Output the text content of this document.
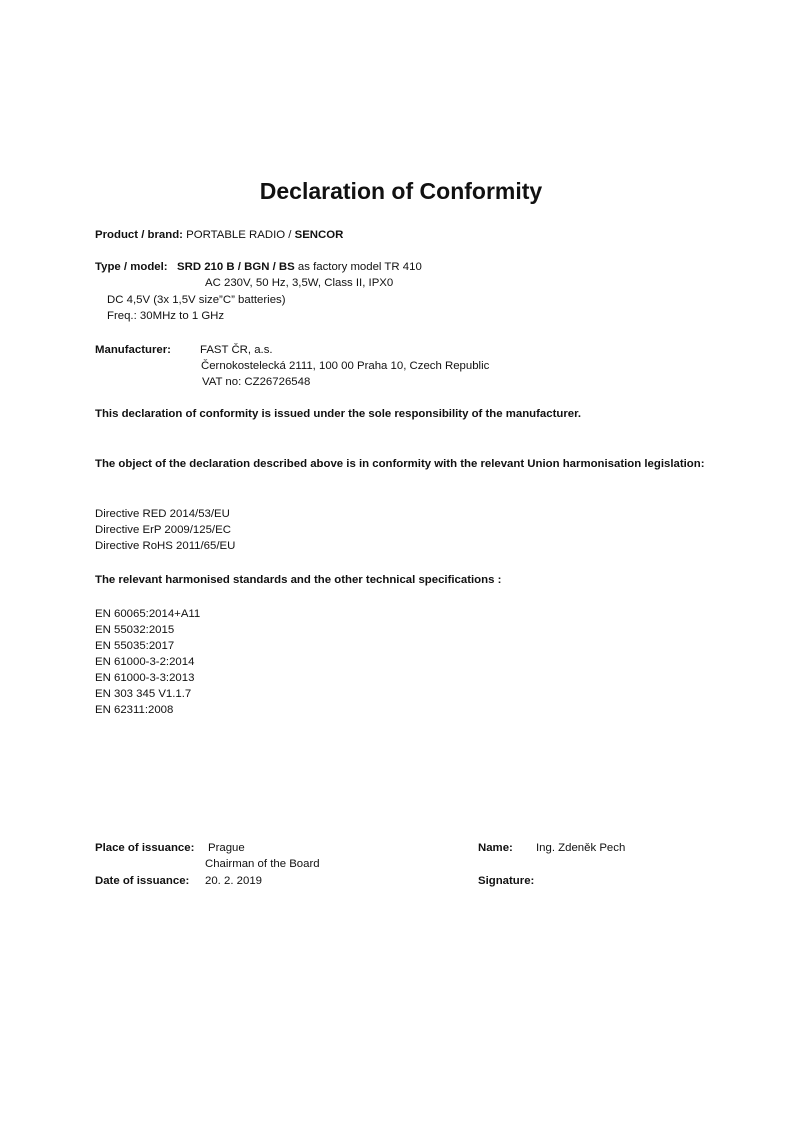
Declaration of Conformity
Product / brand: PORTABLE RADIO / SENCOR
Type / model: SRD 210 B / BGN / BS as factory model TR 410
AC 230V, 50 Hz, 3,5W, Class II, IPX0
DC 4,5V (3x 1,5V size”C” batteries)
Freq.: 30MHz to 1 GHz
Manufacturer:	FAST ČR, a.s.
Černokostelecká 2111, 100 00 Praha 10, Czech Republic
VAT no: CZ26726548
This declaration of conformity is issued under the sole responsibility of the manufacturer.
The object of the declaration described above is in conformity with the relevant Union harmonisation legislation:
Directive RED 2014/53/EU
Directive ErP 2009/125/EC
Directive RoHS 2011/65/EU
The relevant harmonised standards and the other technical specifications :
EN 60065:2014+A11
EN 55032:2015
EN 55035:2017
EN 61000-3-2:2014
EN 61000-3-3:2013
EN 303 345 V1.1.7
EN 62311:2008
Place of issuance: Prague
Chairman of the Board
Date of issuance: 20. 2. 2019
Name: Ing. Zdeněk Pech
Signature:
